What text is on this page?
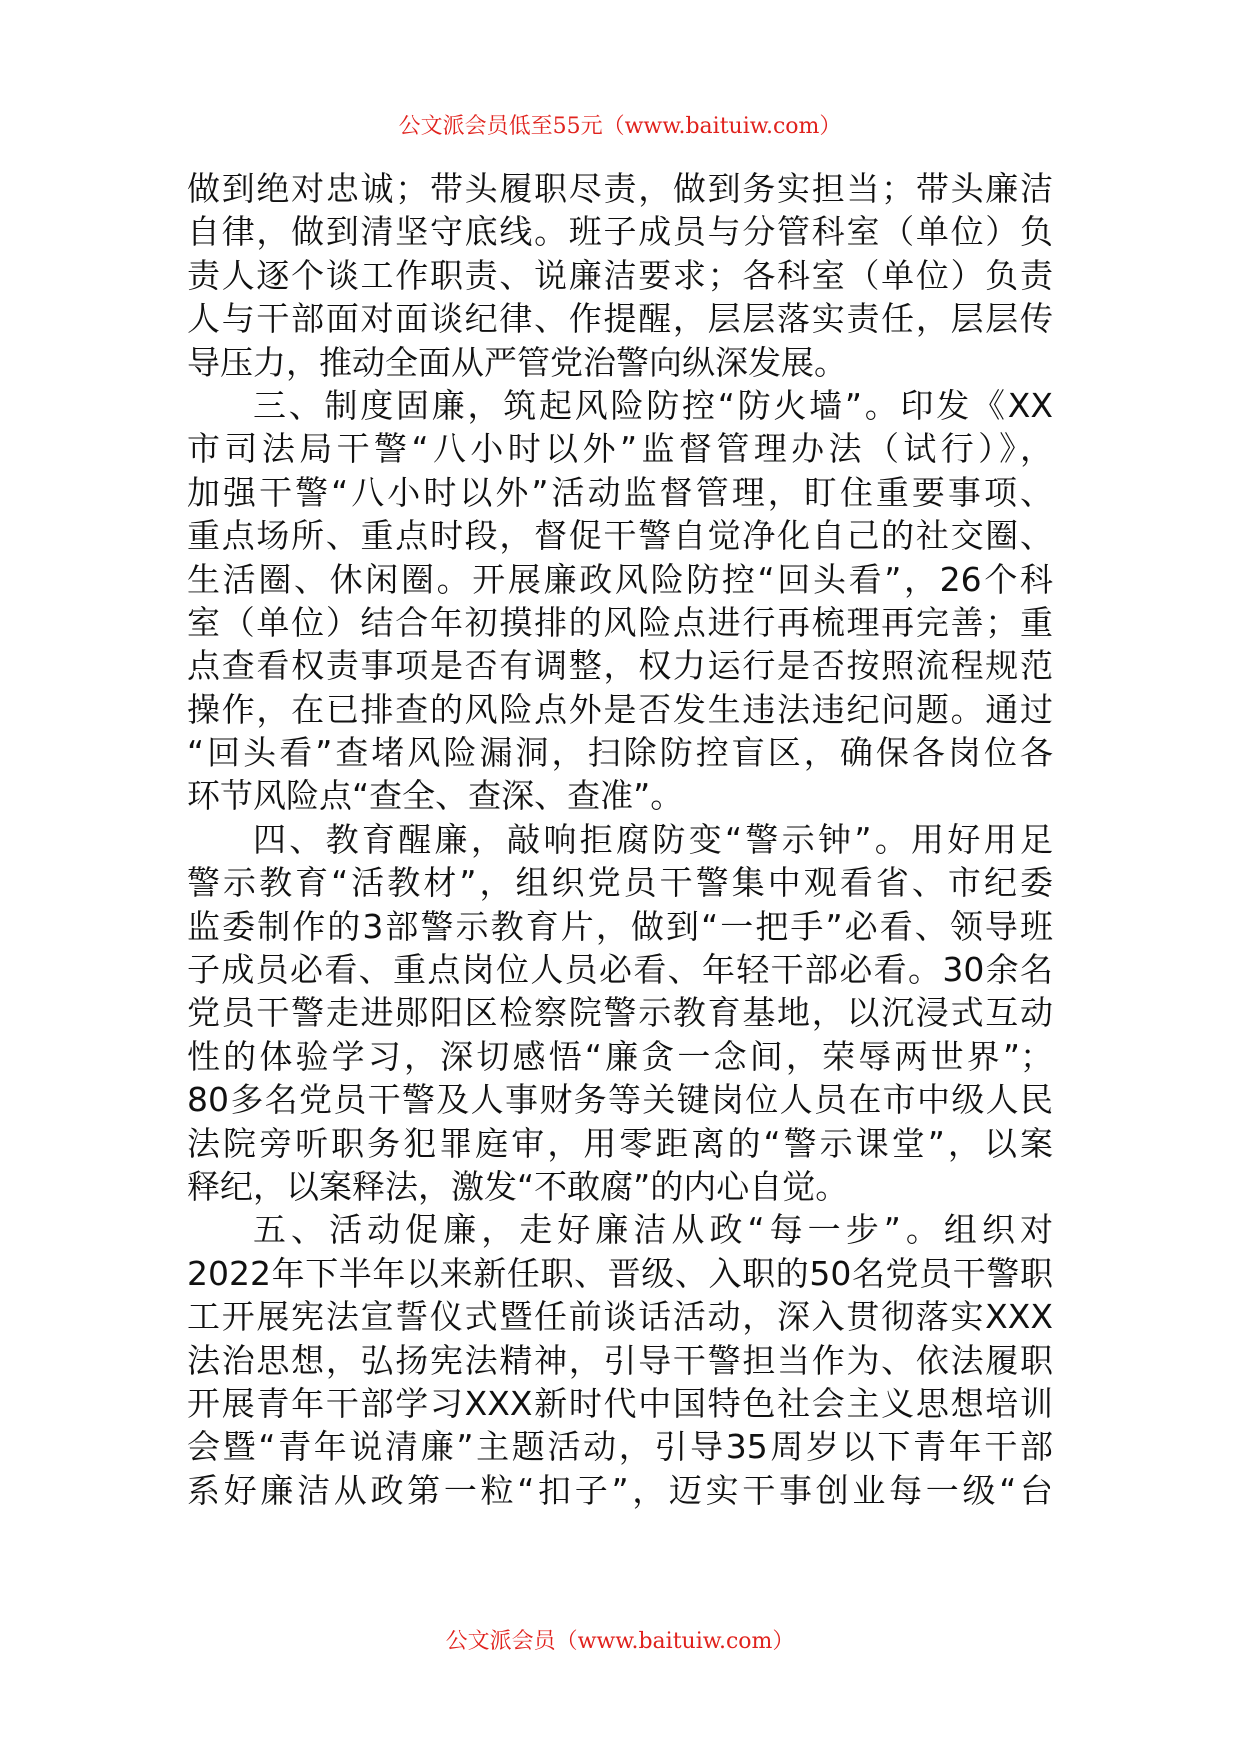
公文派会员低至55元（www.baituiw.com）

做到绝对忠诚；带头履职尽责，做到务实担当；带头廉洁
自律，做到清坚守底线。班子成员与分管科室（单位）负
责人逐个谈工作职责、说廉洁要求；各科室（单位）负责
人与干部面对面谈纪律、作提醒，层层落实责任，层层传
导压力，推动全面从严管党治警向纵深发展。

三、制度固廉，筑起风险防控“防火墙”。印发《XX
市司法局干警“八小时以外”监督管理办法（试行）》，
加强干警“八小时以外”活动监督管理，盯住重要事项、
重点场所、重点时段，督促干警自觉净化自己的社交圈、
生活圈、休闲圈。开展廉政风险防控“回头看”，26个科
室（单位）结合年初摸排的风险点进行再梳理再完善；重
点查看权责事项是否有调整，权力运行是否按照流程规范
操作，在已排查的风险点外是否发生违法违纪问题。通过
“回头看”查堵风险漏洞，扫除防控盲区，确保各岗位各
环节风险点“查全、查深、查准”。

四、教育醒廉，敲响拒腐防变“警示钟”。用好用足
警示教育“活教材”，组织党员干警集中观看省、市纪委
监委制作的3部警示教育片，做到“一把手”必看、领导班
子成员必看、重点岗位人员必看、年轻干部必看。30余名
党员干警走进郧阳区检察院警示教育基地，以沉浸式互动
性的体验学习，深切感悟“廉贪一念间，荣辱两世界”；
80多名党员干警及人事财务等关键岗位人员在市中级人民
法院旁听职务犯罪庭审，用零距离的“警示课堂”，以案
释纪，以案释法，激发“不敢腐”的内心自觉。

五、活动促廉，走好廉洁从政“每一步”。组织对
2022年下半年以来新任职、晋级、入职的50名党员干警职
工开展宪法宣誓仪式暨任前谈话活动，深入贯彻落实XXX
法治思想，弘扬宪法精神，引导干警担当作为、依法履职
开展青年干部学习XXX新时代中国特色社会主义思想培训
会暨“青年说清廉”主题活动，引导35周岁以下青年干部
系好廉洁从政第一粒“扣子”，迈实干事创业每一级“台

公文派会员（www.baituiw.com）
